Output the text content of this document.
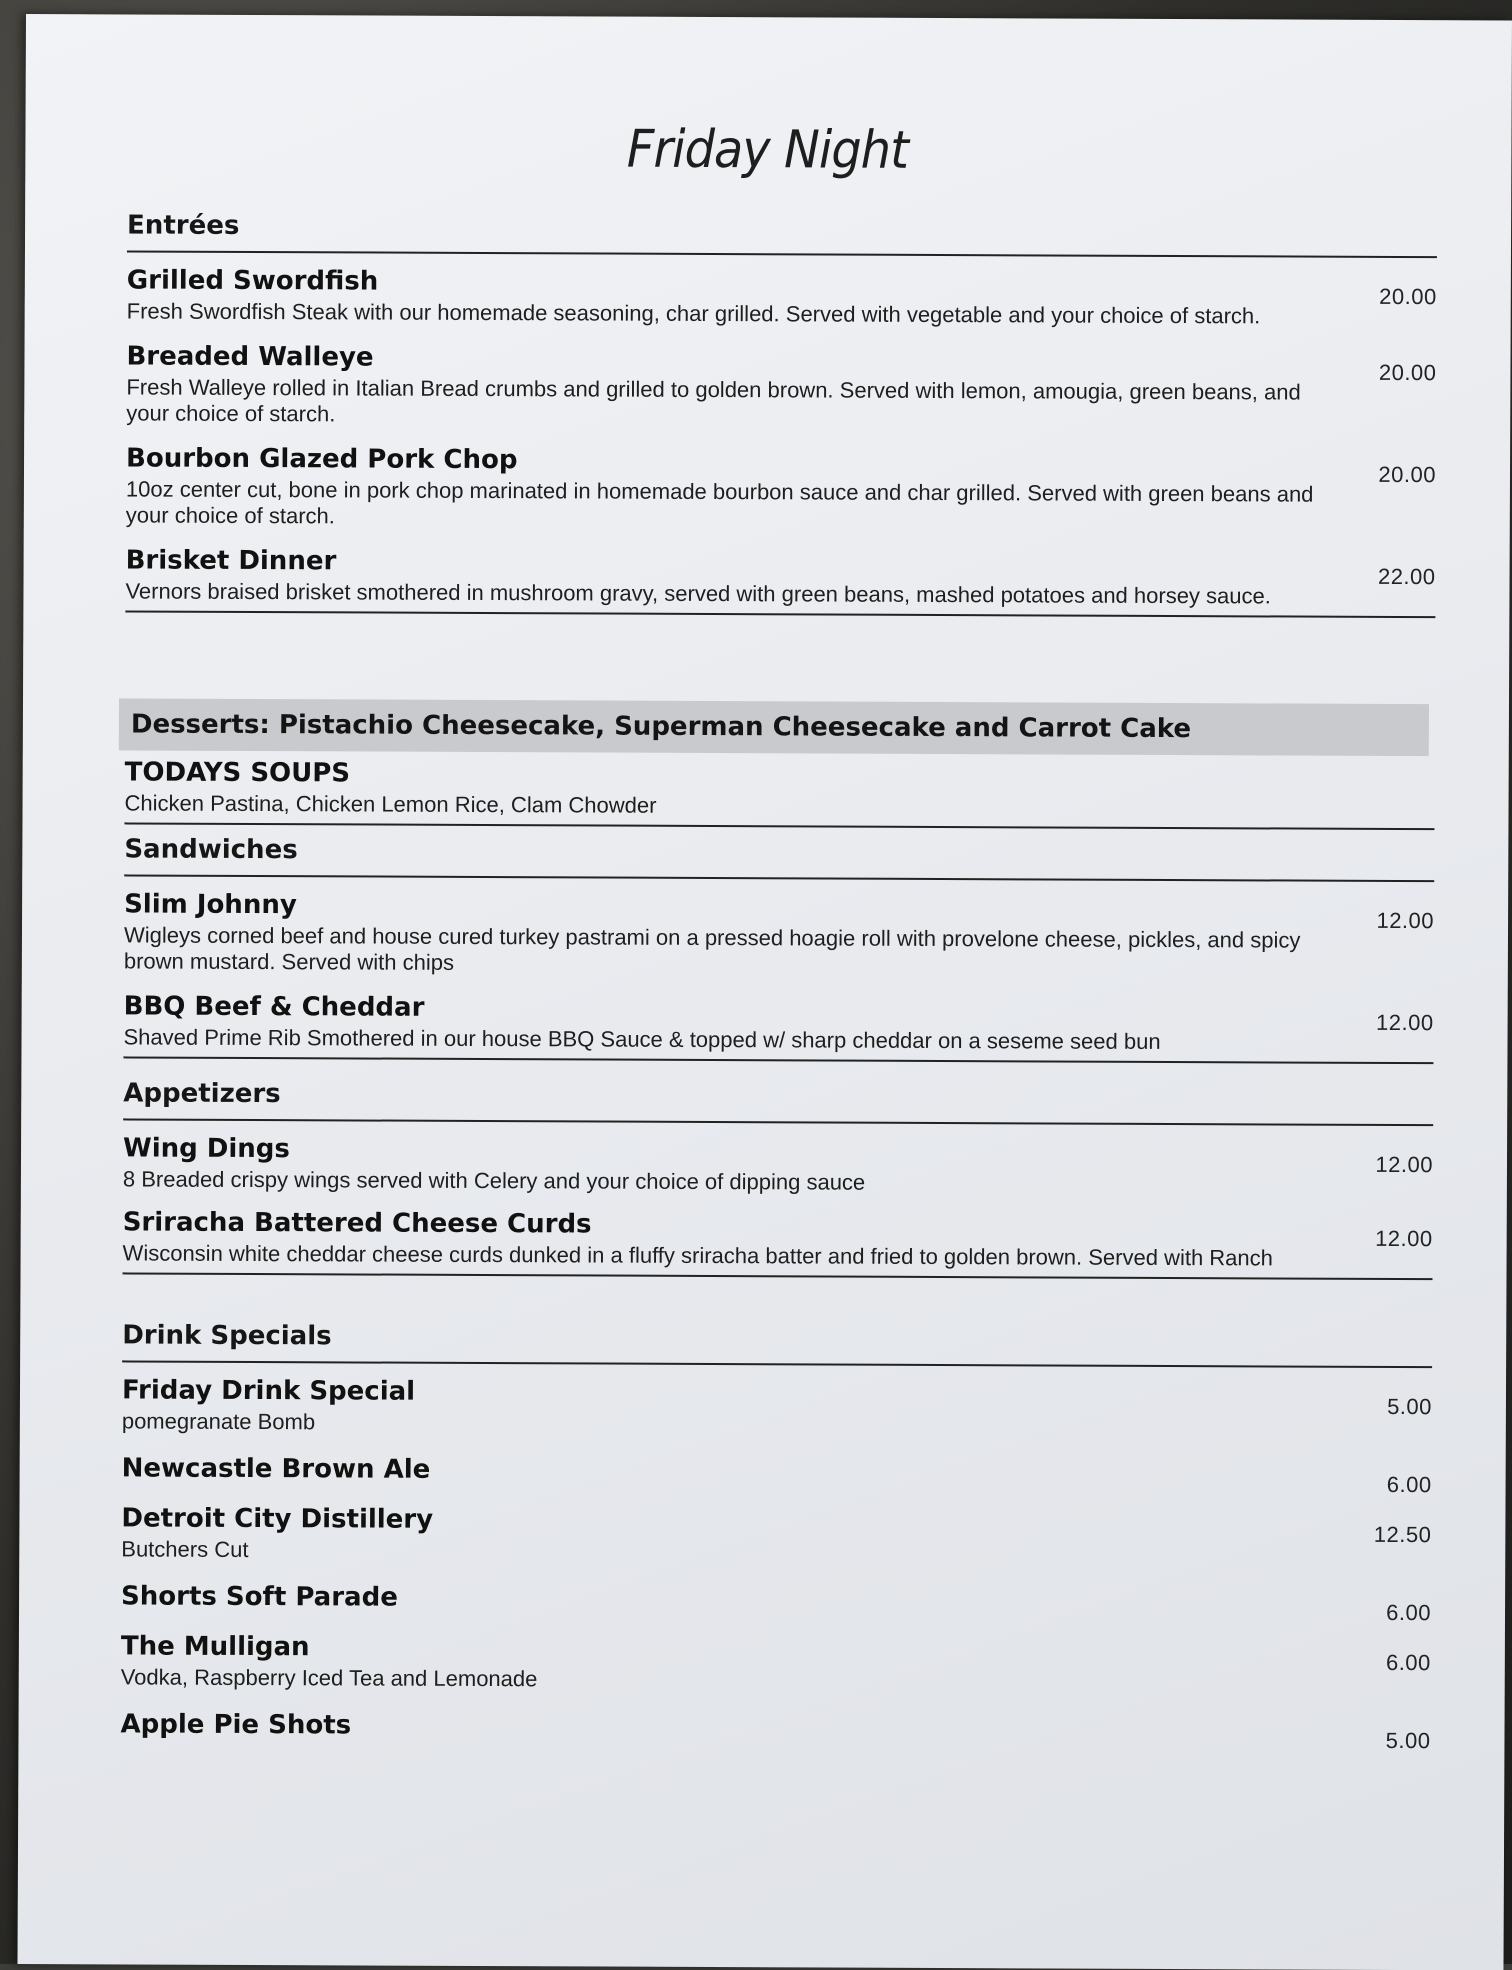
Friday Night
Entrées
Grilled Swordfish
Fresh Swordfish Steak with our homemade seasoning, char grilled. Served with vegetable and your choice of starch.
20.00
Breaded Walleye
Fresh Walleye rolled in Italian Bread crumbs and grilled to golden brown. Served with lemon, amougia, green beans, and your choice of starch.
20.00
Bourbon Glazed Pork Chop
10oz center cut, bone in pork chop marinated in homemade bourbon sauce and char grilled. Served with green beans and your choice of starch.
20.00
Brisket Dinner
Vernors braised brisket smothered in mushroom gravy, served with green beans, mashed potatoes and horsey sauce.
22.00
Desserts: Pistachio Cheesecake, Superman Cheesecake and Carrot Cake
TODAYS SOUPS
Chicken Pastina, Chicken Lemon Rice, Clam Chowder
Sandwiches
Slim Johnny
Wigleys corned beef and house cured turkey pastrami on a pressed hoagie roll with provelone cheese, pickles, and spicy brown mustard. Served with chips
12.00
BBQ Beef & Cheddar
Shaved Prime Rib Smothered in our house BBQ Sauce & topped w/ sharp cheddar on a seseme seed bun
12.00
Appetizers
Wing Dings
8 Breaded crispy wings served with Celery and your choice of dipping sauce
12.00
Sriracha Battered Cheese Curds
Wisconsin white cheddar cheese curds dunked in a fluffy sriracha batter and fried to golden brown. Served with Ranch
12.00
Drink Specials
Friday Drink Special
pomegranate Bomb
5.00
Newcastle Brown Ale	6.00
Detroit City Distillery
Butchers Cut
12.50
Shorts Soft Parade	6.00
The Mulligan
Vodka, Raspberry Iced Tea and Lemonade
6.00
Apple Pie Shots
5.00
